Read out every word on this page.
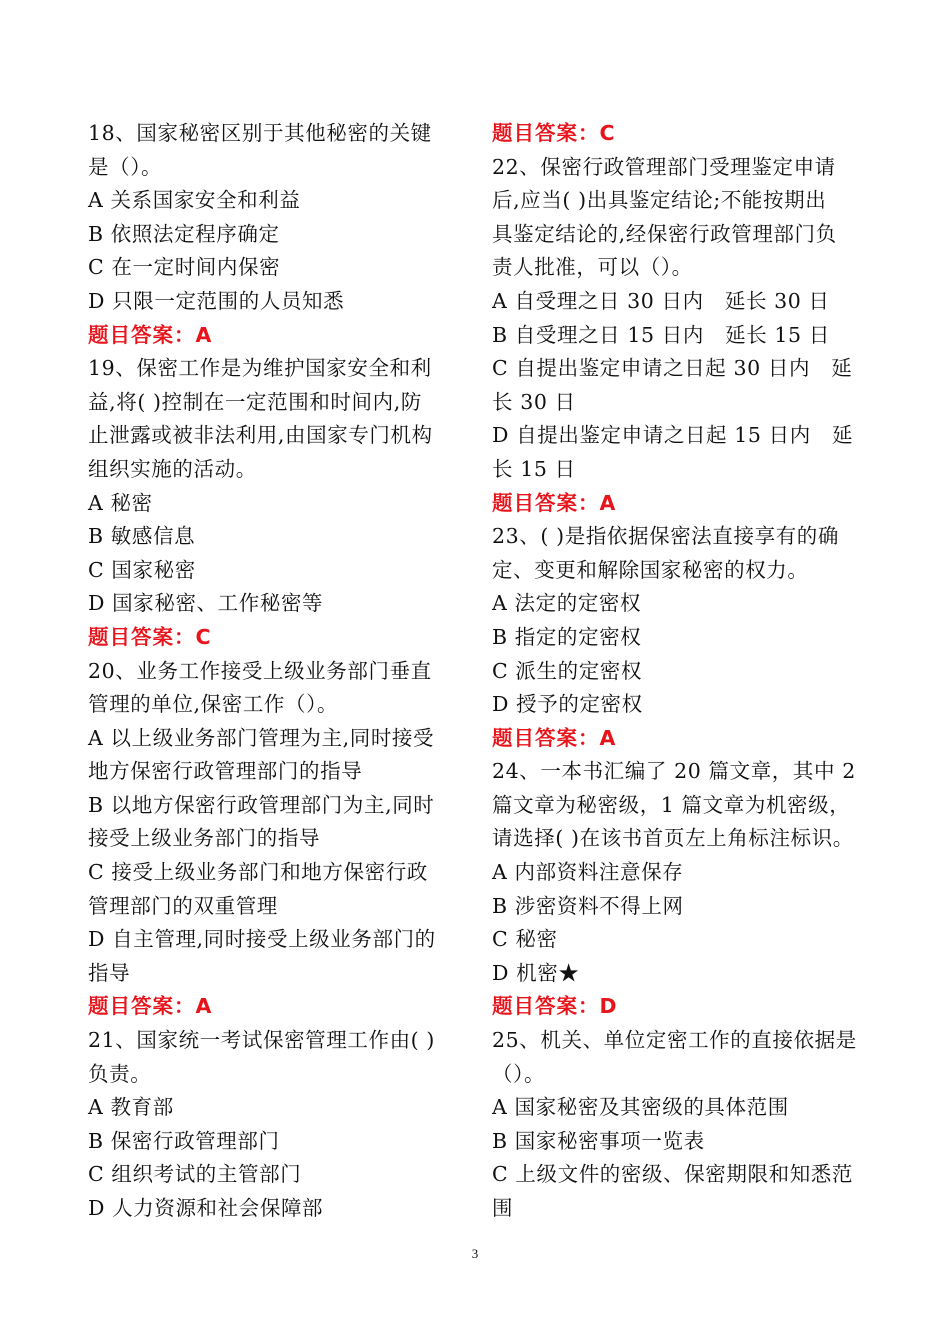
18、国家秘密区别于其他秘密的关键
是（）。
A 关系国家安全和利益
B 依照法定程序确定
C 在一定时间内保密
D 只限一定范围的人员知悉
题目答案：A
19、保密工作是为维护国家安全和利
益,将( )控制在一定范围和时间内,防
止泄露或被非法利用,由国家专门机构
组织实施的活动。
A 秘密
B 敏感信息
C 国家秘密
D 国家秘密、工作秘密等
题目答案：C
20、业务工作接受上级业务部门垂直
管理的单位,保密工作（）。
A 以上级业务部门管理为主,同时接受
地方保密行政管理部门的指导
B 以地方保密行政管理部门为主,同时
接受上级业务部门的指导
C 接受上级业务部门和地方保密行政
管理部门的双重管理
D 自主管理,同时接受上级业务部门的
指导
题目答案：A
21、国家统一考试保密管理工作由( )
负责。
A 教育部
B 保密行政管理部门
C 组织考试的主管部门
D 人力资源和社会保障部
题目答案：C
22、保密行政管理部门受理鉴定申请
后,应当( )出具鉴定结论;不能按期出
具鉴定结论的,经保密行政管理部门负
责人批准，可以（）。
A 自受理之日 30 日内　延长 30 日
B 自受理之日 15 日内　延长 15 日
C 自提出鉴定申请之日起 30 日内　延
长 30 日
D 自提出鉴定申请之日起 15 日内　延
长 15 日
题目答案：A
23、( )是指依据保密法直接享有的确
定、变更和解除国家秘密的权力。
A 法定的定密权
B 指定的定密权
C 派生的定密权
D 授予的定密权
题目答案：A
24、一本书汇编了 20 篇文章，其中 2
篇文章为秘密级，1 篇文章为机密级，
请选择( )在该书首页左上角标注标识。
A 内部资料注意保存
B 涉密资料不得上网
C 秘密
D 机密★
题目答案：D
25、机关、单位定密工作的直接依据是
（）。
A 国家秘密及其密级的具体范围
B 国家秘密事项一览表
C 上级文件的密级、保密期限和知悉范
围
3
